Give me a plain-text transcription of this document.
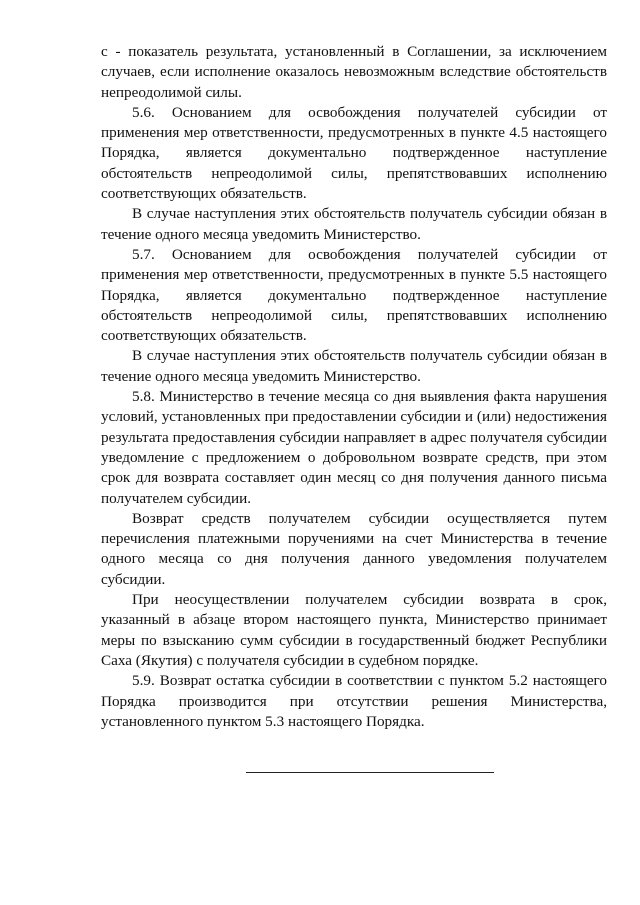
с - показатель результата, установленный в Соглашении, за исключением случаев, если исполнение оказалось невозможным вследствие обстоятельств непреодолимой силы.

5.6. Основанием для освобождения получателей субсидии от применения мер ответственности, предусмотренных в пункте 4.5 настоящего Порядка, является документально подтвержденное наступление обстоятельств непреодолимой силы, препятствовавших исполнению соответствующих обязательств.

В случае наступления этих обстоятельств получатель субсидии обязан в течение одного месяца уведомить Министерство.

5.7. Основанием для освобождения получателей субсидии от применения мер ответственности, предусмотренных в пункте 5.5 настоящего Порядка, является документально подтвержденное наступление обстоятельств непреодолимой силы, препятствовавших исполнению соответствующих обязательств.

В случае наступления этих обстоятельств получатель субсидии обязан в течение одного месяца уведомить Министерство.

5.8. Министерство в течение месяца со дня выявления факта нарушения условий, установленных при предоставлении субсидии и (или) недостижения результата предоставления субсидии направляет в адрес получателя субсидии уведомление с предложением о добровольном возврате средств, при этом срок для возврата составляет один месяц со дня получения данного письма получателем субсидии.

Возврат средств получателем субсидии осуществляется путем перечисления платежными поручениями на счет Министерства в течение одного месяца со дня получения данного уведомления получателем субсидии.

При неосуществлении получателем субсидии возврата в срок, указанный в абзаце втором настоящего пункта, Министерство принимает меры по взысканию сумм субсидии в государственный бюджет Республики Саха (Якутия) с получателя субсидии в судебном порядке.

5.9. Возврат остатка субсидии в соответствии с пунктом 5.2 настоящего Порядка производится при отсутствии решения Министерства, установленного пунктом 5.3 настоящего Порядка.
